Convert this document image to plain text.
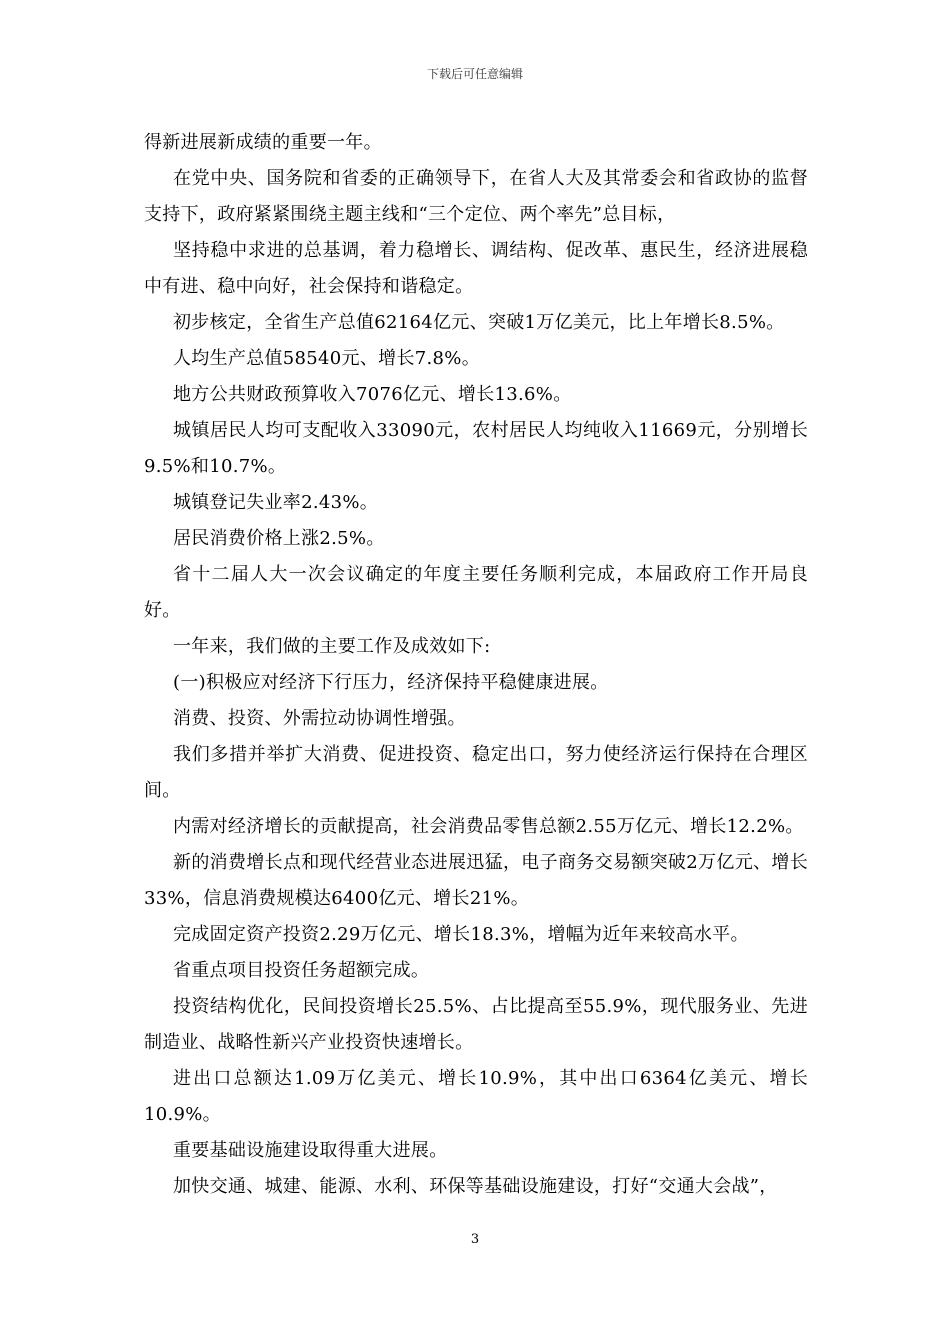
下载后可任意编辑

得新进展新成绩的重要一年。

在党中央、国务院和省委的正确领导下，在省人大及其常委会和省政协的监督支持下，政府紧紧围绕主题主线和“三个定位、两个率先”总目标，

坚持稳中求进的总基调，着力稳增长、调结构、促改革、惠民生，经济进展稳中有进、稳中向好，社会保持和谐稳定。

初步核定，全省生产总值62164亿元、突破1万亿美元，比上年增长8.5%。

人均生产总值58540元、增长7.8%。

地方公共财政预算收入7076亿元、增长13.6%。

城镇居民人均可支配收入33090元，农村居民人均纯收入11669元，分别增长9.5%和10.7%。

城镇登记失业率2.43%。

居民消费价格上涨2.5%。

省十二届人大一次会议确定的年度主要任务顺利完成，本届政府工作开局良好。

一年来，我们做的主要工作及成效如下:

(一)积极应对经济下行压力，经济保持平稳健康进展。

消费、投资、外需拉动协调性增强。

我们多措并举扩大消费、促进投资、稳定出口，努力使经济运行保持在合理区间。

内需对经济增长的贡献提高，社会消费品零售总额2.55万亿元、增长12.2%。

新的消费增长点和现代经营业态进展迅猛，电子商务交易额突破2万亿元、增长33%，信息消费规模达6400亿元、增长21%。

完成固定资产投资2.29万亿元、增长18.3%，增幅为近年来较高水平。

省重点项目投资任务超额完成。

投资结构优化，民间投资增长25.5%、占比提高至55.9%，现代服务业、先进制造业、战略性新兴产业投资快速增长。

进出口总额达1.09万亿美元、增长10.9%，其中出口6364亿美元、增长10.9%。

重要基础设施建设取得重大进展。

加快交通、城建、能源、水利、环保等基础设施建设，打好“交通大会战”，

3
